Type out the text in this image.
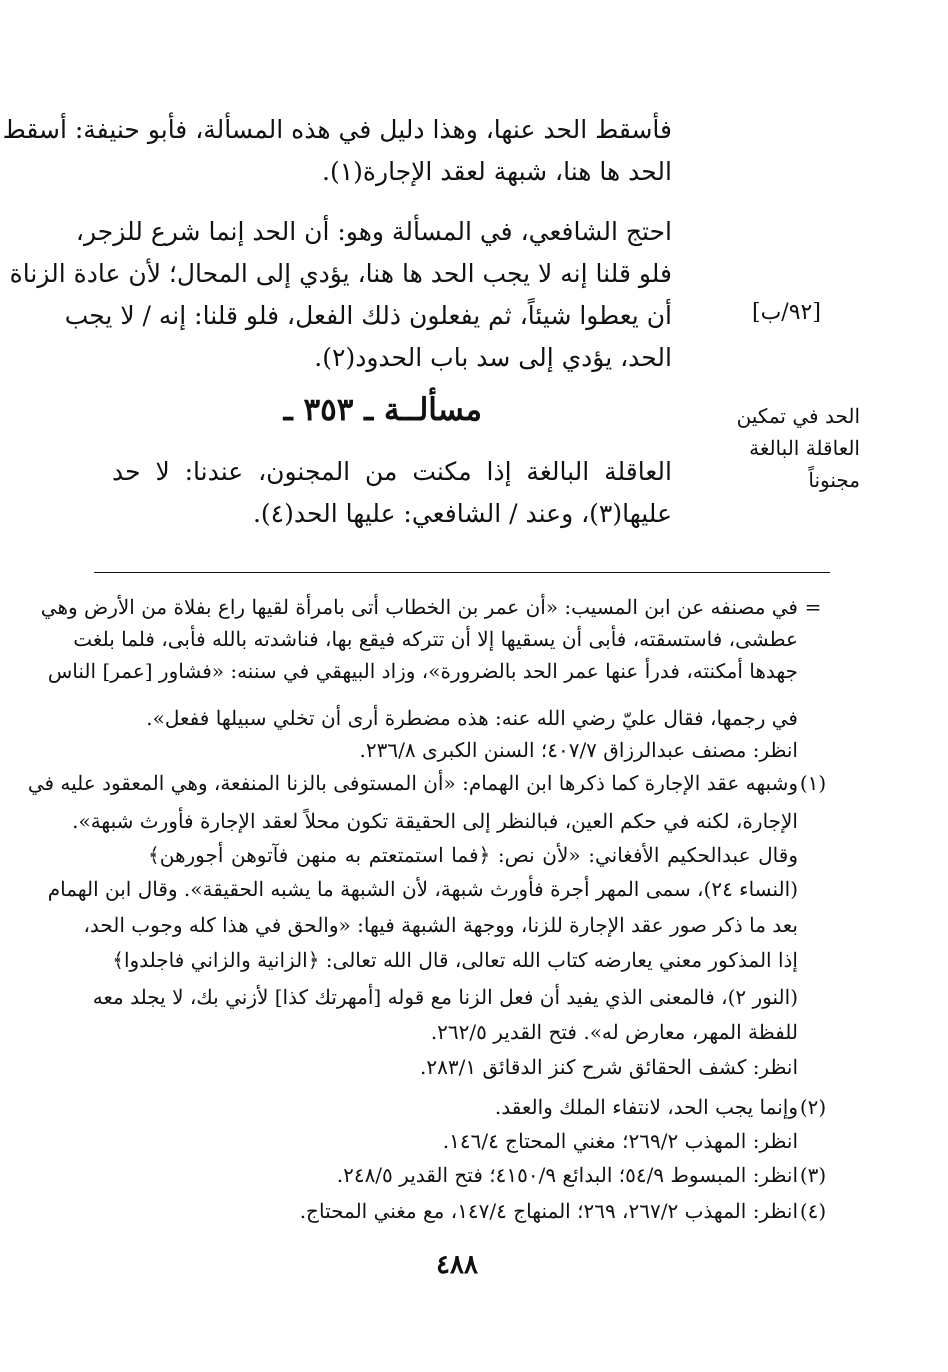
فأسقط الحد عنها، وهذا دليل في هذه المسألة، فأبو حنيفة: أسقط
الحد ها هنا، شبهة لعقد الإجارة(١).
احتج الشافعي، في المسألة وهو: أن الحد إنما شرع للزجر،
فلو قلنا إنه لا يجب الحد ها هنا، يؤدي إلى المحال؛ لأن عادة الزناة
أن يعطوا شيئاً، ثم يفعلون ذلك الفعل، فلو قلنا: إنه / لا يجب
الحد، يؤدي إلى سد باب الحدود(٢).
[٩٢/ب]
مسألــة ـ ٣٥٣ ـ	الحد في تمكين
العاقلة البالغة
مجنوناً
العاقلة البالغة إذا مكنت من المجنون، عندنا: لا حد
عليها(٣)، وعند / الشافعي: عليها الحد(٤).
=
في مصنفه عن ابن المسيب: «أن عمر بن الخطاب أتى بامرأة لقيها راع بفلاة من الأرض وهي
عطشى، فاستسقته، فأبى أن يسقيها إلا أن تتركه فيقع بها، فناشدته بالله فأبى، فلما بلغت
جهدها أمكنته، فدرأ عنها عمر الحد بالضرورة»، وزاد البيهقي في سننه: «فشاور [عمر] الناس
في رجمها، فقال عليّ رضي الله عنه: هذه مضطرة أرى أن تخلي سبيلها ففعل».
انظر: مصنف عبدالرزاق ٤٠٧/٧؛ السنن الكبرى ٢٣٦/٨.
(١)
وشبهه عقد الإجارة كما ذكرها ابن الهمام: «أن المستوفى بالزنا المنفعة، وهي المعقود عليه في
الإجارة، لكنه في حكم العين، فبالنظر إلى الحقيقة تكون محلاً لعقد الإجارة فأورث شبهة».
وقال عبدالحكيم الأفغاني: «لأن نص: ﴿فما استمتعتم به منهن فآتوهن أجورهن﴾
(النساء ٢٤)، سمى المهر أجرة فأورث شبهة، لأن الشبهة ما يشبه الحقيقة». وقال ابن الهمام
بعد ما ذكر صور عقد الإجارة للزنا، ووجهة الشبهة فيها: «والحق في هذا كله وجوب الحد،
إذا المذكور معني يعارضه كتاب الله تعالى، قال الله تعالى: ﴿الزانية والزاني فاجلدوا﴾
(النور ٢)، فالمعنى الذي يفيد أن فعل الزنا مع قوله [أمهرتك كذا] لأزني بك، لا يجلد معه
للفظة المهر، معارض له». فتح القدير ٢٦٢/٥.
انظر: كشف الحقائق شرح كنز الدقائق ٢٨٣/١.
(٢)
وإنما يجب الحد، لانتفاء الملك والعقد.
انظر: المهذب ٢٦٩/٢؛ مغني المحتاج ١٤٦/٤.
(٣)
انظر: المبسوط ٥٤/٩؛ البدائع ٤١٥٠/٩؛ فتح القدير ٢٤٨/٥.
(٤)
انظر: المهذب ٢٦٧/٢، ٢٦٩؛ المنهاج ١٤٧/٤، مع مغني المحتاج.
٤٨٨
